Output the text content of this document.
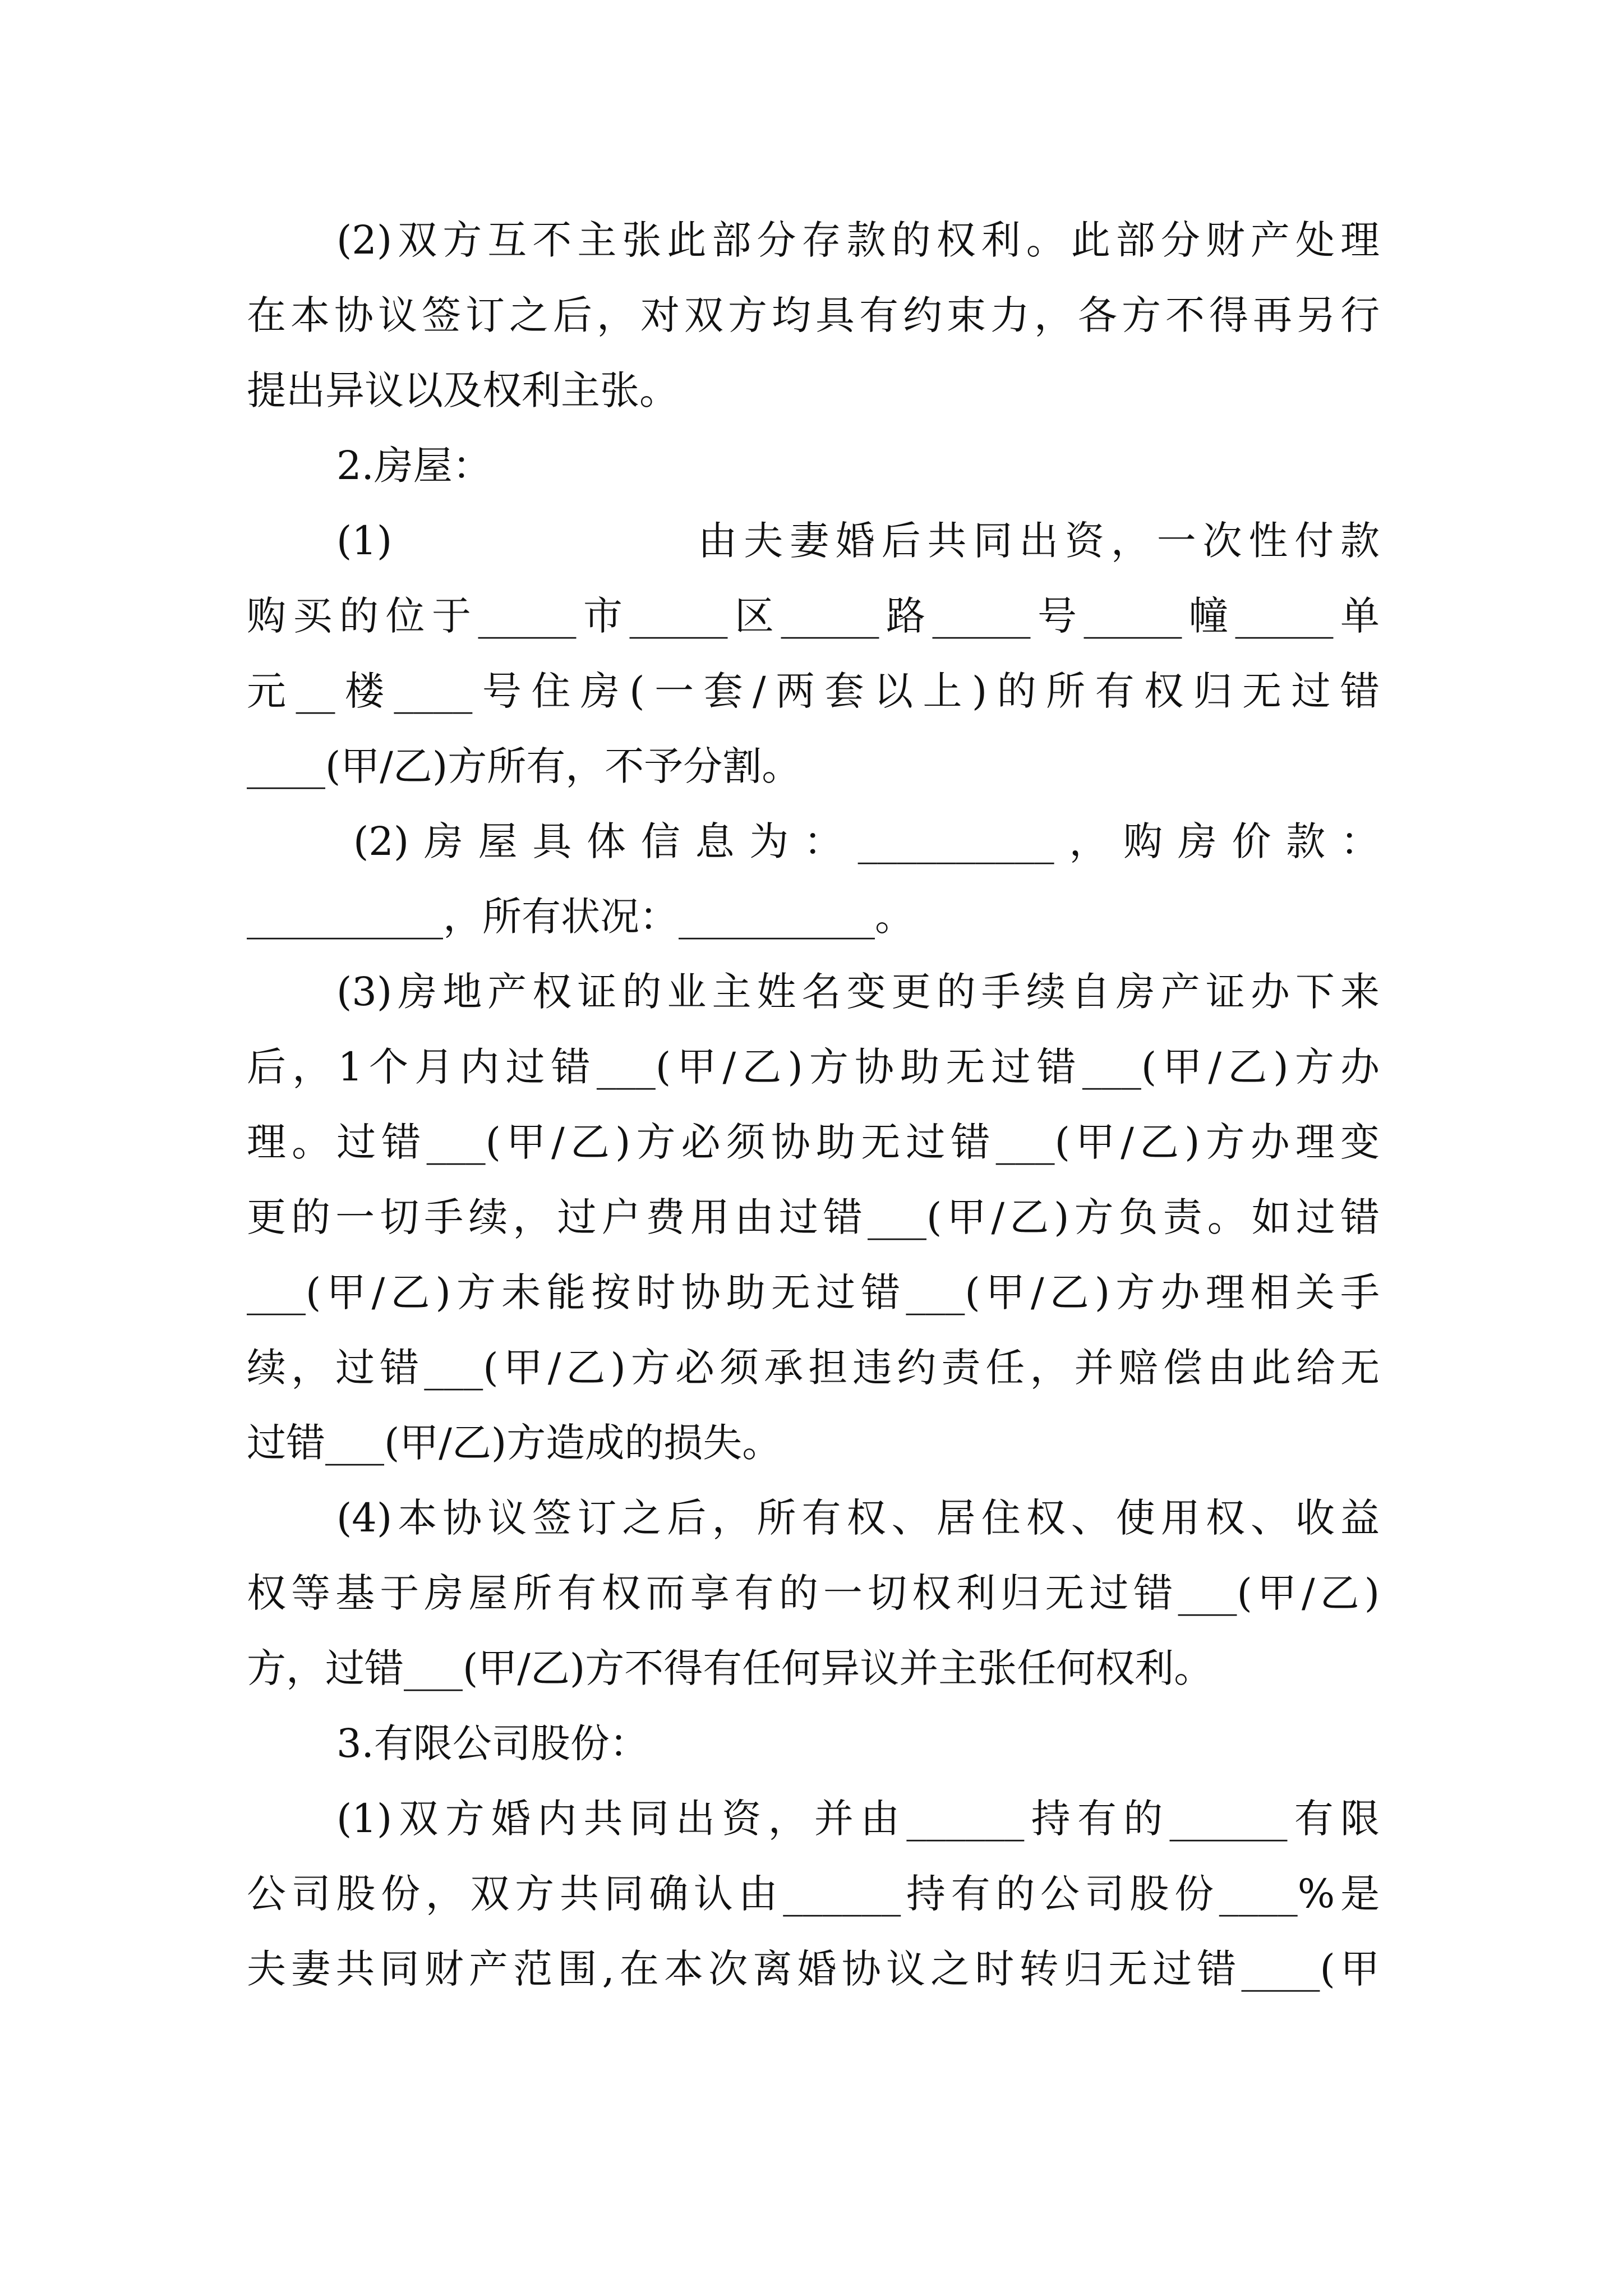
(2)双方互不主张此部分存款的权利。此部分财产处理
在本协议签订之后，对双方均具有约束力，各方不得再另行
提出异议以及权利主张。
2.房屋：
(1)                由夫妻婚后共同出资，一次性付款
购买的位于_____市_____区_____路_____号_____幢_____单
元__楼____号住房(一套/两套以上)的所有权归无过错
____(甲/乙)方所有，不予分割。
(2)房屋具体信息为：__________，购房价款：
__________，所有状况：__________。
(3)房地产权证的业主姓名变更的手续自房产证办下来
后，1个月内过错___(甲/乙)方协助无过错___(甲/乙)方办
理。过错___(甲/乙)方必须协助无过错___(甲/乙)方办理变
更的一切手续，过户费用由过错___(甲/乙)方负责。如过错
___(甲/乙)方未能按时协助无过错___(甲/乙)方办理相关手
续，过错___(甲/乙)方必须承担违约责任，并赔偿由此给无
过错___(甲/乙)方造成的损失。
(4)本协议签订之后，所有权、居住权、使用权、收益
权等基于房屋所有权而享有的一切权利归无过错___(甲/乙)
方，过错___(甲/乙)方不得有任何异议并主张任何权利。
3.有限公司股份：
(1)双方婚内共同出资，并由______持有的______有限
公司股份，双方共同确认由______持有的公司股份____%是
夫妻共同财产范围,在本次离婚协议之时转归无过错____(甲
